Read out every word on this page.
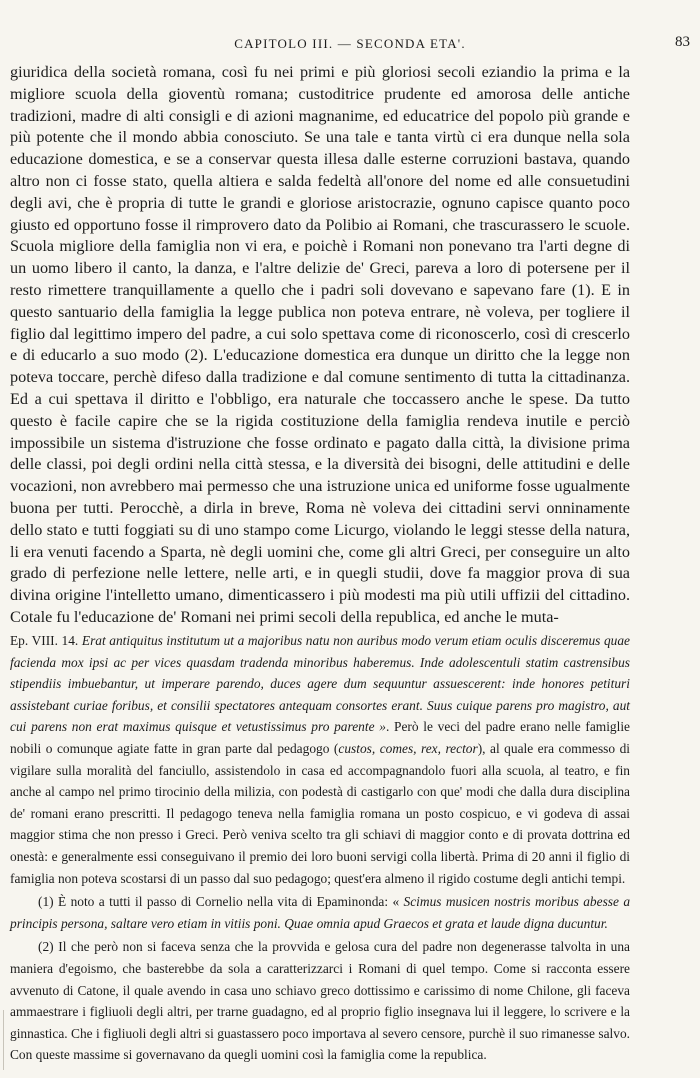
CAPITOLO III. — SECONDA ETA'.	83

giuridica della società romana, così fu nei primi e più gloriosi secoli eziandio la prima e la migliore scuola della gioventù romana; custoditrice prudente ed amorosa delle antiche tradizioni, madre di alti consigli e di azioni magnanime, ed educatrice del popolo più grande e più potente che il mondo abbia conosciuto. Se una tale e tanta virtù ci era dunque nella sola educazione domestica, e se a conservar questa illesa dalle esterne corruzioni bastava, quando altro non ci fosse stato, quella altiera e salda fedeltà all'onore del nome ed alle consuetudini degli avi, che è propria di tutte le grandi e gloriose aristocrazie, ognuno capisce quanto poco giusto ed opportuno fosse il rimprovero dato da Polibio ai Romani, che trascurassero le scuole. Scuola migliore della famiglia non vi era, e poichè i Romani non ponevano tra l'arti degne di un uomo libero il canto, la danza, e l'altre delizie de' Greci, pareva a loro di potersene per il resto rimettere tranquillamente a quello che i padri soli dovevano e sapevano fare (1). E in questo santuario della famiglia la legge publica non poteva entrare, nè voleva, per togliere il figlio dal legittimo impero del padre, a cui solo spettava come di riconoscerlo, così di crescerlo e di educarlo a suo modo (2). L'educazione domestica era dunque un diritto che la legge non poteva toccare, perchè difeso dalla tradizione e dal comune sentimento di tutta la cittadinanza. Ed a cui spettava il diritto e l'obbligo, era naturale che toccassero anche le spese. Da tutto questo è facile capire che se la rigida costituzione della famiglia rendeva inutile e perciò impossibile un sistema d'istruzione che fosse ordinato e pagato dalla città, la divisione prima delle classi, poi degli ordini nella città stessa, e la diversità dei bisogni, delle attitudini e delle vocazioni, non avrebbero mai permesso che una istruzione unica ed uniforme fosse ugualmente buona per tutti. Perocchè, a dirla in breve, Roma nè voleva dei cittadini servi onninamente dello stato e tutti foggiati su di uno stampo come Licurgo, violando le leggi stesse della natura, li era venuti facendo a Sparta, nè degli uomini che, come gli altri Greci, per conseguire un alto grado di perfezione nelle lettere, nelle arti, e in quegli studii, dove fa maggior prova di sua divina origine l'intelletto umano, dimenticassero i più modesti ma più utili uffizii del cittadino. Cotale fu l'educazione de' Romani nei primi secoli della republica, ed anche le muta-

Ep. VIII. 14. Erat antiquitus institutum ut a majoribus natu non auribus modo verum etiam oculis disceremus quae facienda mox ipsi ac per vices quasdam tradenda minoribus haberemus. Inde adolescentuli statim castrensibus stipendiis imbuebantur, ut imperare parendo, duces agere dum sequuntur assuescerent: inde honores petituri assistebant curiae foribus, et consilii spectatores antequam consortes erant. Suus cuique parens pro magistro, aut cui parens non erat maximus quisque et vetustissimus pro parente ». Però le veci del padre erano nelle famiglie nobili o comunque agiate fatte in gran parte dal pedagogo (custos, comes, rex, rector), al quale era commesso di vigilare sulla moralità del fanciullo, assistendolo in casa ed accompagnandolo fuori alla scuola, al teatro, e fin anche al campo nel primo tirocinio della milizia, con podestà di castigarlo con que' modi che dalla dura disciplina de' romani erano prescritti. Il pedagogo teneva nella famiglia romana un posto cospicuo, e vi godeva di assai maggior stima che non presso i Greci. Però veniva scelto tra gli schiavi di maggior conto e di provata dottrina ed onestà: e generalmente essi conseguivano il premio dei loro buoni servigi colla libertà. Prima di 20 anni il figlio di famiglia non poteva scostarsi di un passo dal suo pedagogo; quest'era almeno il rigido costume degli antichi tempi.

(1) È noto a tutti il passo di Cornelio nella vita di Epaminonda: « Scimus musicen nostris moribus abesse a principis persona, saltare vero etiam in vitiis poni. Quae omnia apud Graecos et grata et laude digna ducuntur.

(2) Il che però non si faceva senza che la provvida e gelosa cura del padre non degenerasse talvolta in una maniera d'egoismo, che basterebbe da sola a caratterizzarci i Romani di quel tempo. Come si racconta essere avvenuto di Catone, il quale avendo in casa uno schiavo greco dottissimo e carissimo di nome Chilone, gli faceva ammaestrare i figliuoli degli altri, per trarne guadagno, ed al proprio figlio insegnava lui il leggere, lo scrivere e la ginnastica. Che i figliuoli degli altri si guastassero poco importava al severo censore, purchè il suo rimanesse salvo. Con queste massime si governavano da quegli uomini così la famiglia come la republica.
